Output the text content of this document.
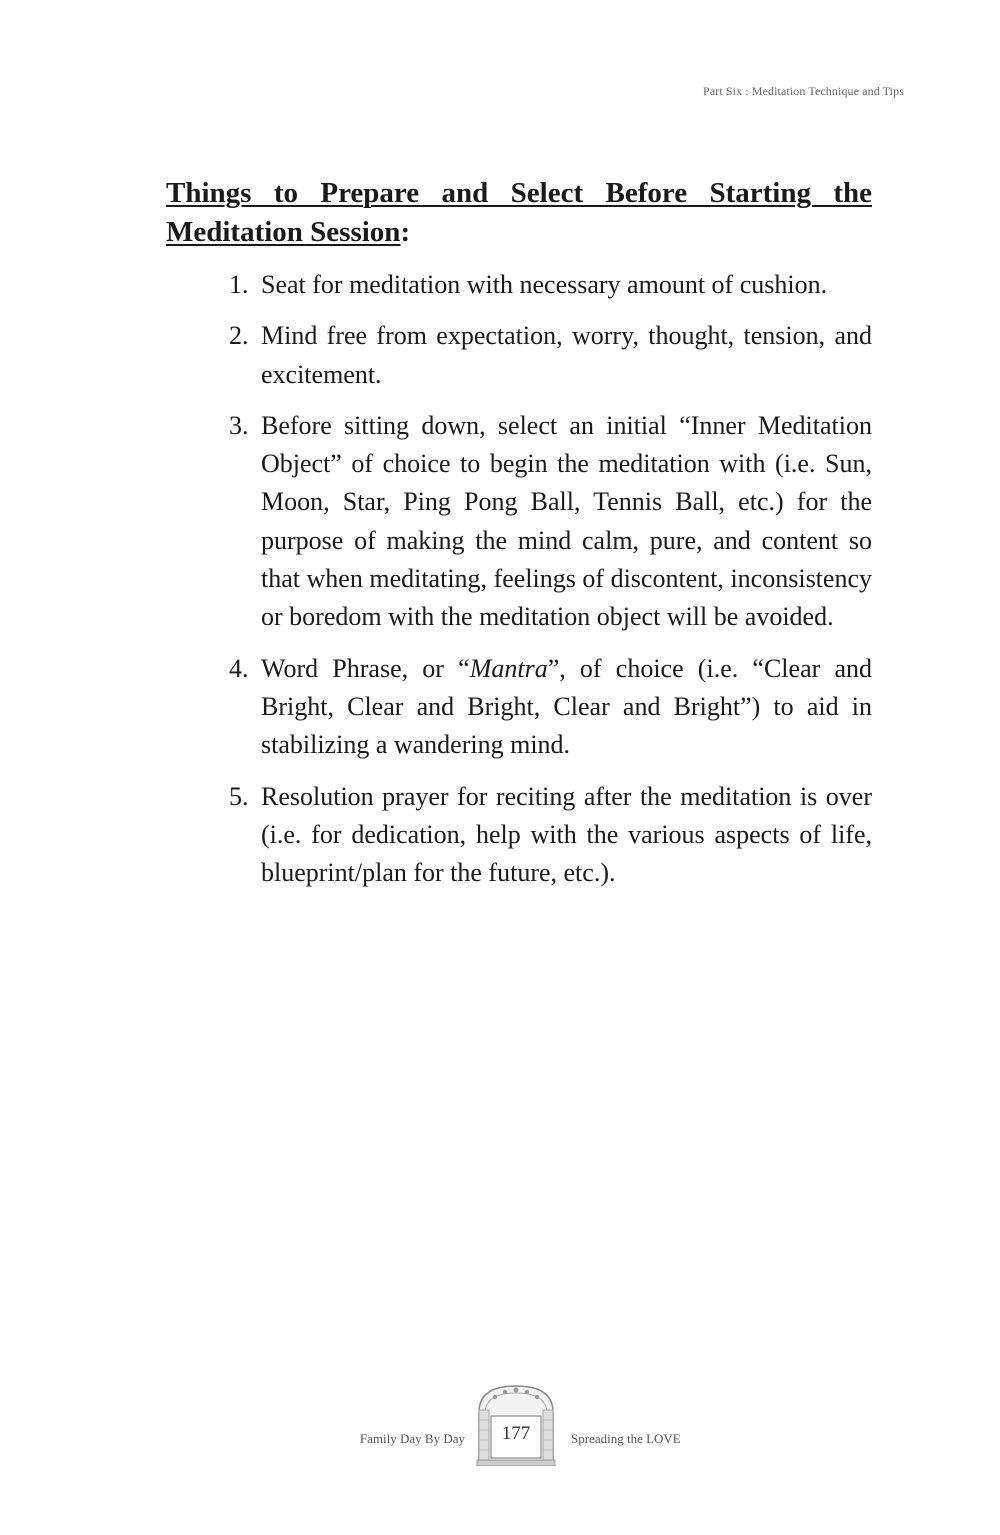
Part Six : Meditation Technique and Tips
Things to Prepare and Select Before Starting the Meditation Session:
1. Seat for meditation with necessary amount of cushion.
2. Mind free from expectation, worry, thought, tension, and excitement.
3. Before sitting down, select an initial “Inner Meditation Object” of choice to begin the meditation with (i.e. Sun, Moon, Star, Ping Pong Ball, Tennis Ball, etc.) for the purpose of making the mind calm, pure, and content so that when meditating, feelings of discontent, inconsistency or boredom with the meditation object will be avoided.
4. Word Phrase, or “Mantra”, of choice (i.e. “Clear and Bright, Clear and Bright, Clear and Bright”) to aid in stabilizing a wandering mind.
5. Resolution prayer for reciting after the meditation is over (i.e. for dedication, help with the various aspects of life, blueprint/plan for the future, etc.).
Family Day By Day	177	Spreading the LOVE
